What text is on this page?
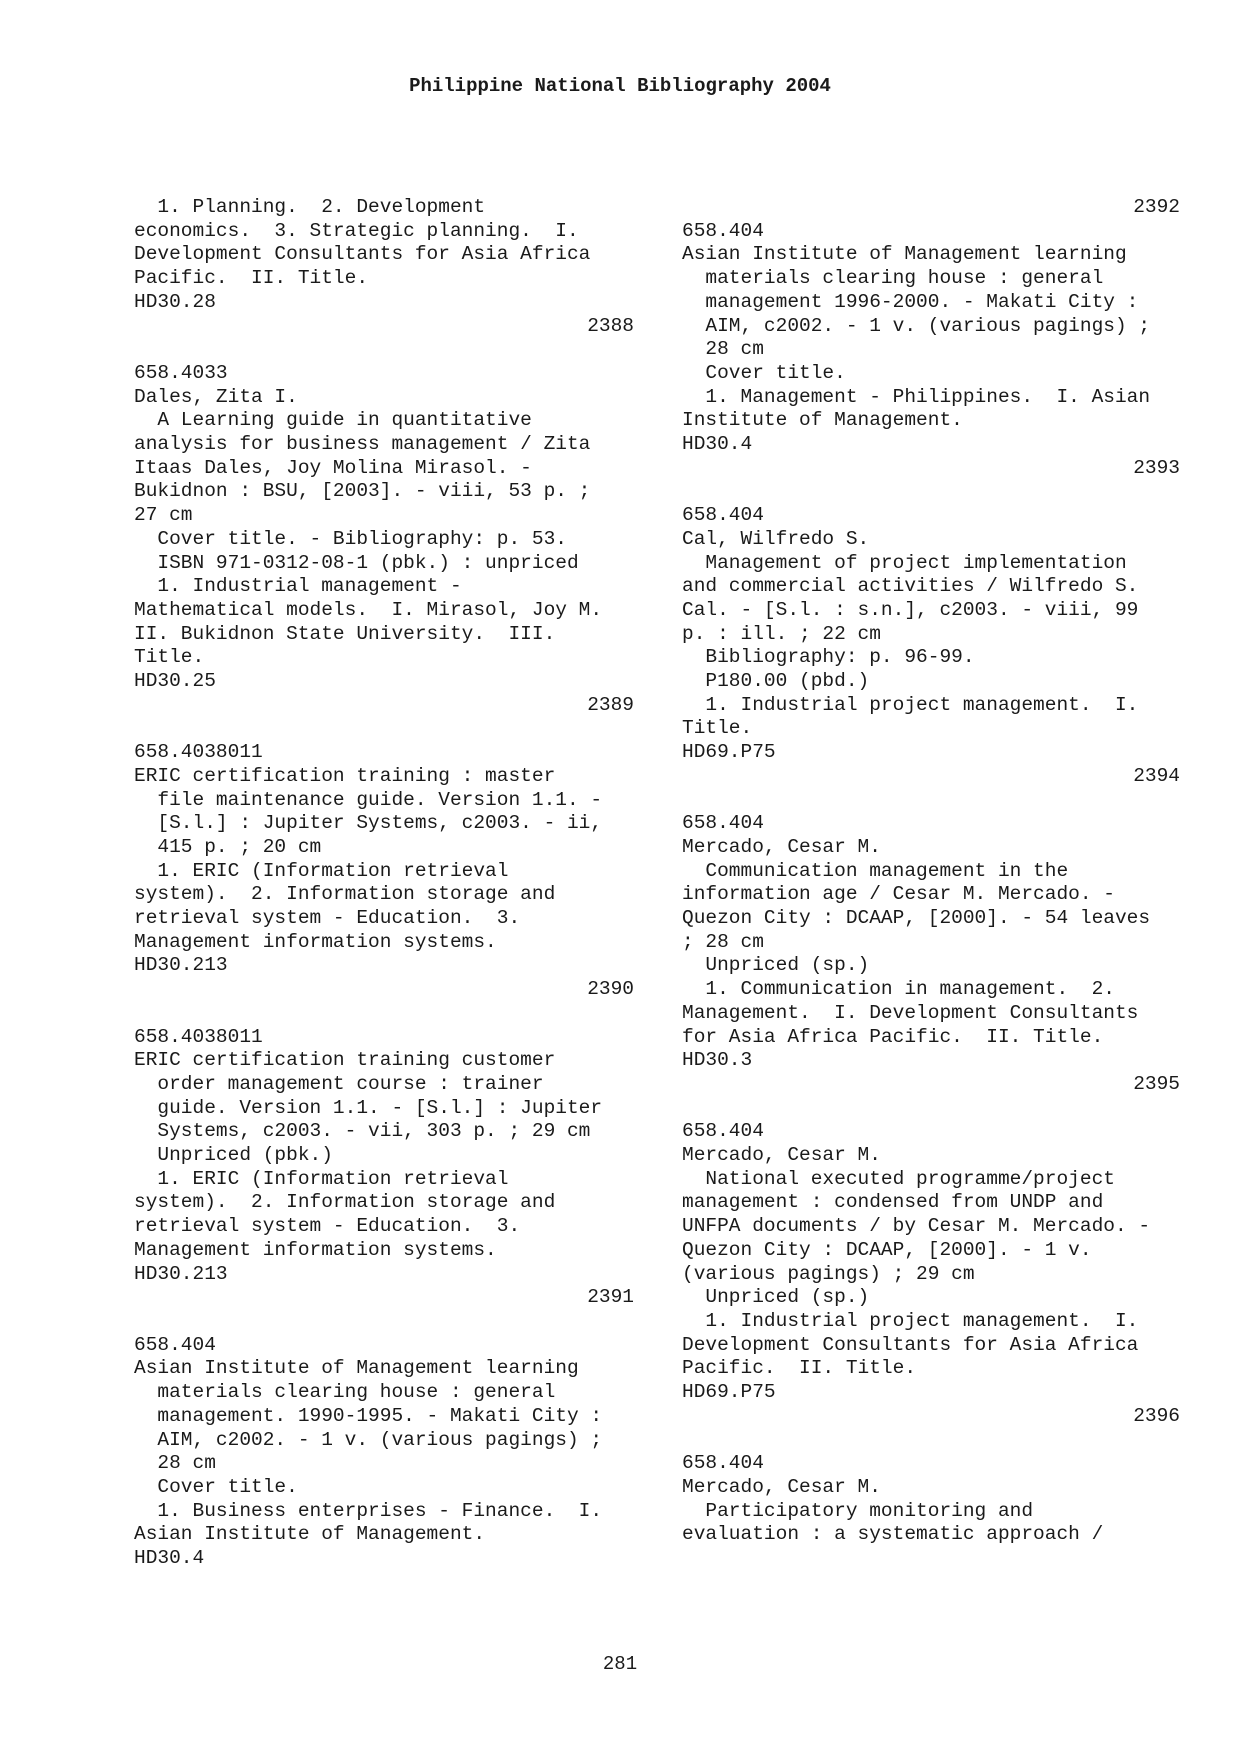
Philippine National Bibliography 2004
1. Planning.  2. Development
economics.  3. Strategic planning.  I.
Development Consultants for Asia Africa
Pacific.  II. Title.
HD30.28
2388
658.4033
Dales, Zita I.
A Learning guide in quantitative
analysis for business management / Zita
Itaas Dales, Joy Molina Mirasol. -
Bukidnon : BSU, [2003]. - viii, 53 p. ;
27 cm
Cover title. - Bibliography: p. 53.
ISBN 971-0312-08-1 (pbk.) : unpriced
1. Industrial management -
Mathematical models.  I. Mirasol, Joy M.
II. Bukidnon State University.  III.
Title.
HD30.25
2389
658.4038011
ERIC certification training : master
file maintenance guide. Version 1.1. -
[S.l.] : Jupiter Systems, c2003. - ii,
415 p. ; 20 cm
1. ERIC (Information retrieval
system).  2. Information storage and
retrieval system - Education.  3.
Management information systems.
HD30.213
2390
658.4038011
ERIC certification training customer
order management course : trainer
guide. Version 1.1. - [S.l.] : Jupiter
Systems, c2003. - vii, 303 p. ; 29 cm
Unpriced (pbk.)
1. ERIC (Information retrieval
system).  2. Information storage and
retrieval system - Education.  3.
Management information systems.
HD30.213
2391
658.404
Asian Institute of Management learning
materials clearing house : general
management. 1990-1995. - Makati City :
AIM, c2002. - 1 v. (various pagings) ;
28 cm
Cover title.
1. Business enterprises - Finance.  I.
Asian Institute of Management.
HD30.4
2392
658.404
Asian Institute of Management learning
materials clearing house : general
management 1996-2000. - Makati City :
AIM, c2002. - 1 v. (various pagings) ;
28 cm
Cover title.
1. Management - Philippines.  I. Asian
Institute of Management.
HD30.4
2393
658.404
Cal, Wilfredo S.
Management of project implementation
and commercial activities / Wilfredo S.
Cal. - [S.l. : s.n.], c2003. - viii, 99
p. : ill. ; 22 cm
Bibliography: p. 96-99.
P180.00 (pbd.)
1. Industrial project management.  I.
Title.
HD69.P75
2394
658.404
Mercado, Cesar M.
Communication management in the
information age / Cesar M. Mercado. -
Quezon City : DCAAP, [2000]. - 54 leaves
; 28 cm
Unpriced (sp.)
1. Communication in management.  2.
Management.  I. Development Consultants
for Asia Africa Pacific.  II. Title.
HD30.3
2395
658.404
Mercado, Cesar M.
National executed programme/project
management : condensed from UNDP and
UNFPA documents / by Cesar M. Mercado. -
Quezon City : DCAAP, [2000]. - 1 v.
(various pagings) ; 29 cm
Unpriced (sp.)
1. Industrial project management.  I.
Development Consultants for Asia Africa
Pacific.  II. Title.
HD69.P75
2396
658.404
Mercado, Cesar M.
Participatory monitoring and
evaluation : a systematic approach /
281
